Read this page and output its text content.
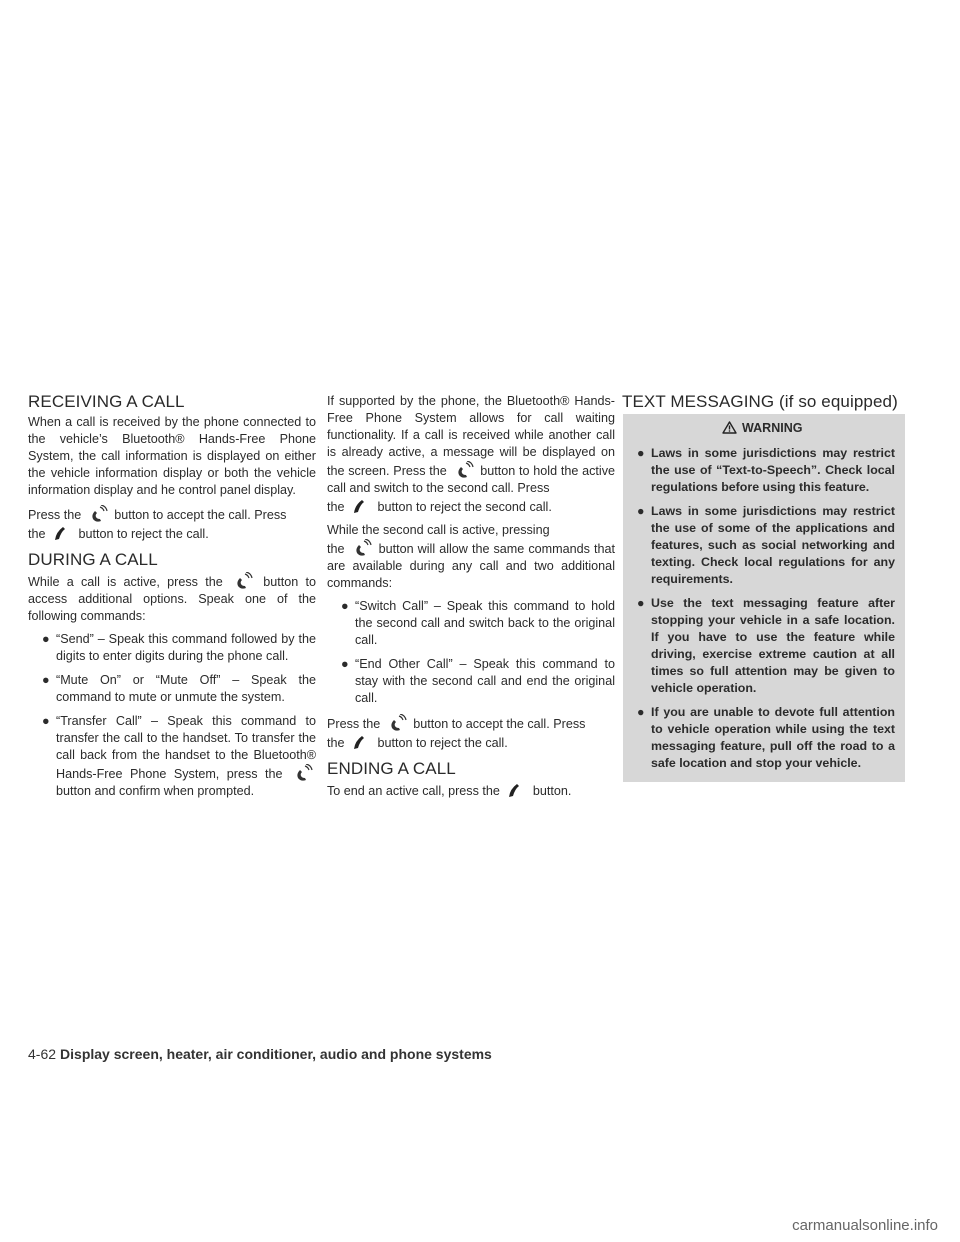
RECEIVING A CALL

When a call is received by the phone connected to the vehicle’s Bluetooth® Hands-Free Phone System, the call information is displayed on either the vehicle information display or both the vehicle information display and he control panel display.

Press the	button to accept the call. Press

the	button to reject the call.

DURING A CALL

While a call is active, press the	button to access additional options. Speak one of the following commands:

● “Send” – Speak this command followed by the digits to enter digits during the phone call.
● “Mute On” or “Mute Off” – Speak the command to mute or unmute the system.
● “Transfer Call” – Speak this command to transfer the call to the handset. To transfer the call back from the handset to the Bluetooth® Hands-Free Phone System, press the
button and confirm when prompted.

If supported by the phone, the Bluetooth® Hands-Free Phone System allows for call waiting functionality. If a call is received while another call is already active, a message will be displayed on the screen. Press the	button to hold the active call and switch to the second call. Press
the	button to reject the second call.

While the second call is active, pressing
the	button will allow the same commands that are available during any call and two additional commands:

● “Switch Call” – Speak this command to hold the second call and switch back to the original call.
● “End Other Call” – Speak this command to stay with the second call and end the original call.

Press the	button to accept the call. Press

the	button to reject the call.

ENDING A CALL

To end an active call, press the	button.

TEXT MESSAGING (if so equipped)
WARNING
● Laws in some jurisdictions may restrict the use of “Text-to-Speech”. Check local regulations before using this feature.
● Laws in some jurisdictions may restrict the use of some of the applications and features, such as social networking and texting. Check local regulations for any requirements.
● Use the text messaging feature after stopping your vehicle in a safe location. If you have to use the feature while driving, exercise extreme caution at all times so full attention may be given to vehicle operation.
● If you are unable to devote full attention to vehicle operation while using the text messaging feature, pull off the road to a safe location and stop your vehicle.
4-62 Display screen, heater, air conditioner, audio and phone systems
carmanualsonline.info
